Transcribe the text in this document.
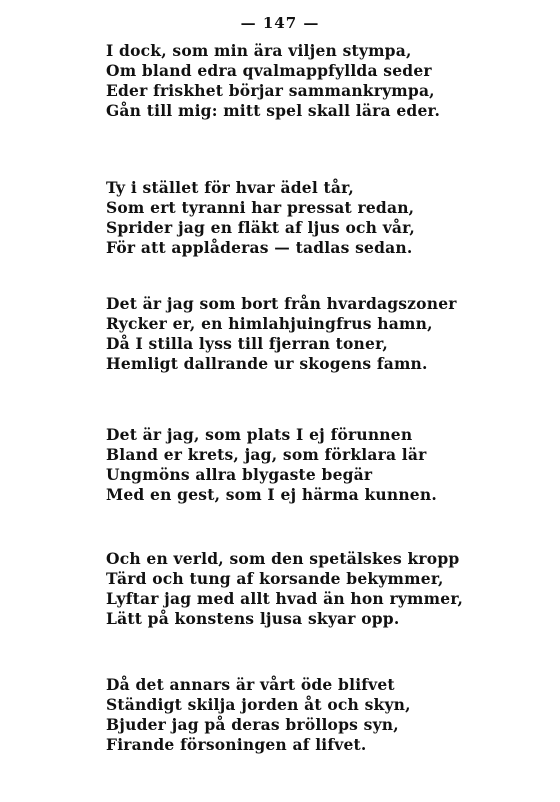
— 147 —
I dock, som min ära viljen stympa,
Om bland edra qvalmappfyllda seder
Eder friskhet börjar sammankrympa,
Gån till mig: mitt spel skall lära eder.
Ty i stället för hvar ädel tår,
Som ert tyranni har pressat redan,
Sprider jag en fläkt af ljus och vår,
För att applåderas — tadlas sedan.
Det är jag som bort från hvardagszoner
Rycker er, en himlahjuingfrus hamn,
Då I stilla lyss till fjerran toner,
Hemligt dallrande ur skogens famn.
Det är jag, som plats I ej förunnen
Bland er krets, jag, som förklara lär
Ungmöns allra blygaste begär
Med en gest, som I ej härma kunnen.
Och en verld, som den spetälskes kropp
Tärd och tung af korsande bekymmer,
Lyftar jag med allt hvad än hon rymmer,
Lätt på konstens ljusa skyar opp.
Då det annars är vårt öde blifvet
Ständigt skilja jorden åt och skyn,
Bjuder jag på deras bröllops syn,
Firande försoningen af lifvet.
